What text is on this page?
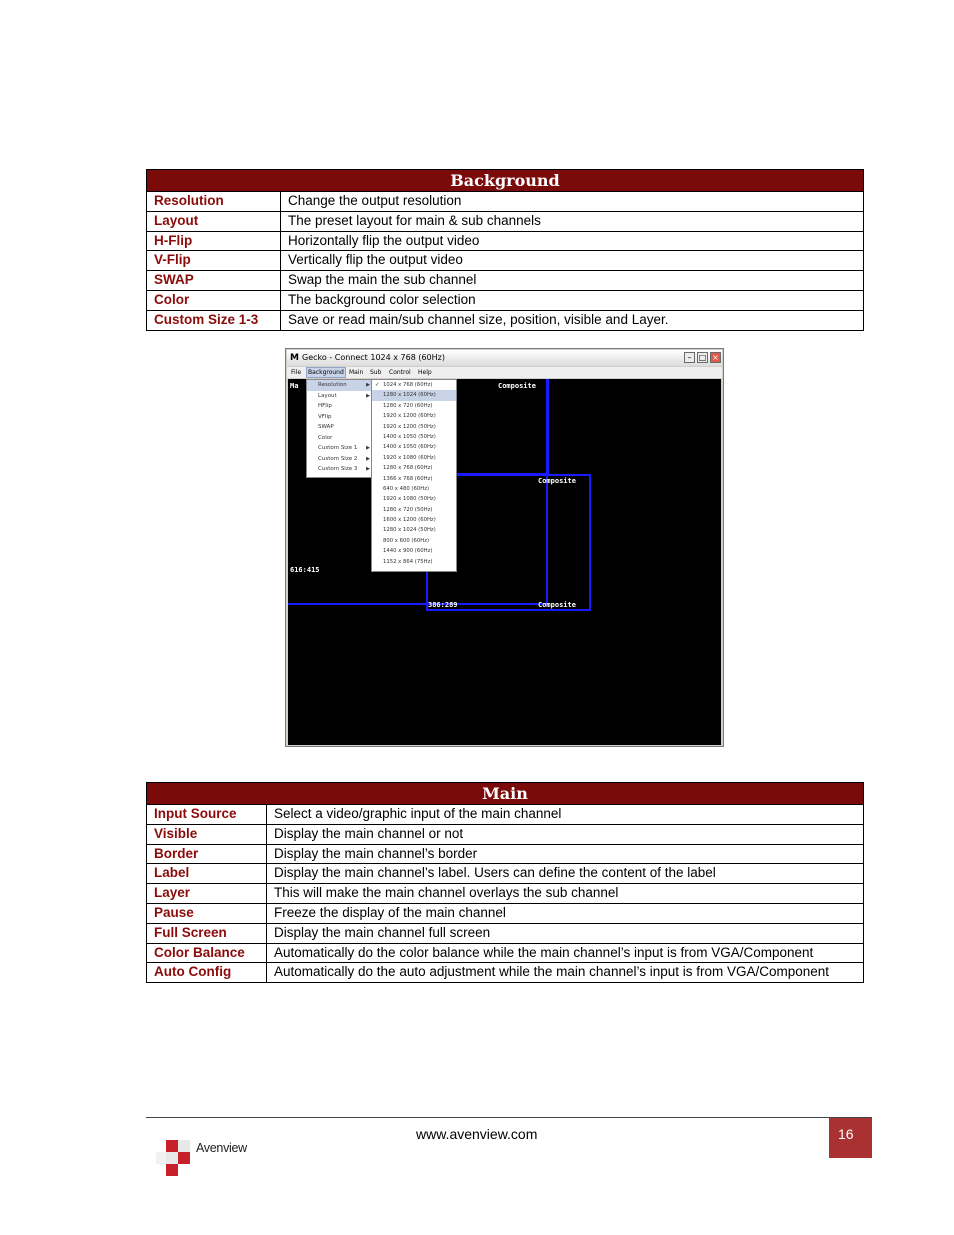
Background	
Resolution	Change the output resolution
Layout	The preset layout for main & sub channels
H-Flip	Horizontally flip the output video
V-Flip	Vertically flip the output video
SWAP	Swap the main the sub channel
Color	The background color selection
Custom Size 1-3	Save or read main/sub channel size, position, visible and Layer.
M Gecko - Connect 1024 x 768 (60Hz)	– □ ×
File	Background Main Sub Control Help
Ma	Composite
Composite
Composite
616:415
386:289
Resolution	▶
Layout	▶
HFlip
VFlip
SWAP
Color
Custom Size 1 ▶
Custom Size 2 ▶
Custom Size 3 ▶
✓ 1024 x 768 (60Hz)
1280 x 1024 (60Hz)
1280 x 720 (60Hz)
1920 x 1200 (60Hz)
1920 x 1200 (50Hz)
1400 x 1050 (50Hz)
1400 x 1050 (60Hz)
1920 x 1080 (60Hz)
1280 x 768 (60Hz)
1366 x 768 (60Hz)
640 x 480 (60Hz)
1920 x 1080 (50Hz)
1280 x 720 (50Hz)
1600 x 1200 (60Hz)
1280 x 1024 (50Hz)
800 x 600 (60Hz)
1440 x 900 (60Hz)
1152 x 864 (75Hz)
Main	
Input Source	Select a video/graphic input of the main channel
Visible	Display the main channel or not
Border	Display the main channel’s border
Label	Display the main channel’s label. Users can define the content of the label
Layer	This will make the main channel overlays the sub channel
Pause	Freeze the display of the main channel
Full Screen	Display the main channel full screen
Color Balance	Automatically do the color balance while the main channel’s input is from VGA/Component
Auto Config	Automatically do the auto adjustment while the main channel’s input is from VGA/Component
www.avenview.com	16
Avenview
